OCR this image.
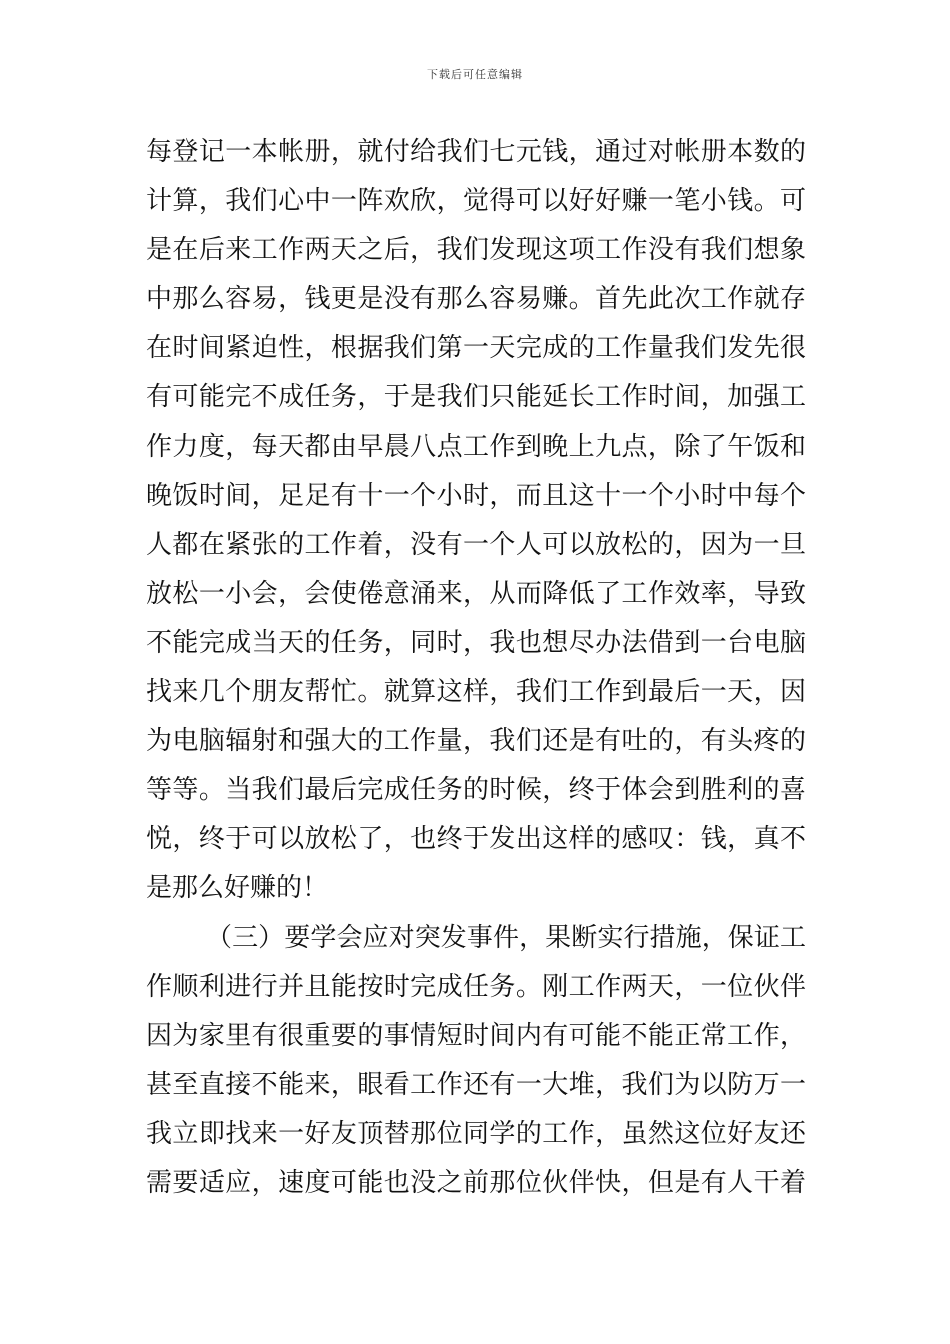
下载后可任意编辑
每登记一本帐册，就付给我们七元钱，通过对帐册本数的
计算，我们心中一阵欢欣，觉得可以好好赚一笔小钱。可
是在后来工作两天之后，我们发现这项工作没有我们想象
中那么容易，钱更是没有那么容易赚。首先此次工作就存
在时间紧迫性，根据我们第一天完成的工作量我们发先很
有可能完不成任务，于是我们只能延长工作时间，加强工
作力度，每天都由早晨八点工作到晚上九点，除了午饭和
晚饭时间，足足有十一个小时，而且这十一个小时中每个
人都在紧张的工作着，没有一个人可以放松的，因为一旦
放松一小会，会使倦意涌来，从而降低了工作效率，导致
不能完成当天的任务，同时，我也想尽办法借到一台电脑
找来几个朋友帮忙。就算这样，我们工作到最后一天，因
为电脑辐射和强大的工作量，我们还是有吐的，有头疼的
等等。当我们最后完成任务的时候，终于体会到胜利的喜
悦，终于可以放松了，也终于发出这样的感叹：钱，真不
是那么好赚的！
（三）要学会应对突发事件，果断实行措施，保证工
作顺利进行并且能按时完成任务。刚工作两天，一位伙伴
因为家里有很重要的事情短时间内有可能不能正常工作，
甚至直接不能来，眼看工作还有一大堆，我们为以防万一
我立即找来一好友顶替那位同学的工作，虽然这位好友还
需要适应，速度可能也没之前那位伙伴快，但是有人干着
